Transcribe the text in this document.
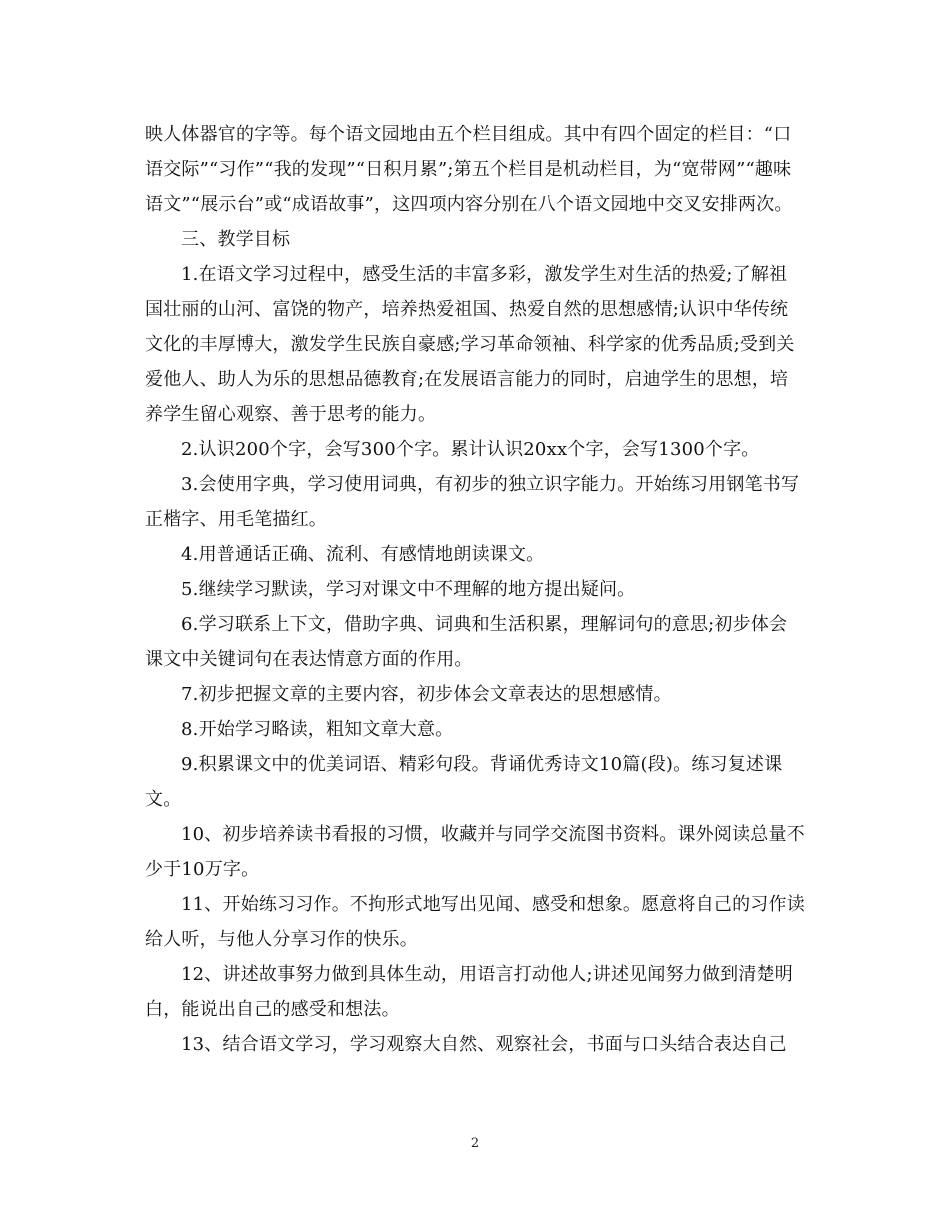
映人体器官的字等。每个语文园地由五个栏目组成。其中有四个固定的栏目：“口语交际”“习作”“我的发现”“日积月累”;第五个栏目是机动栏目，为“宽带网”“趣味语文”“展示台”或“成语故事”，这四项内容分别在八个语文园地中交叉安排两次。

三、教学目标

1.在语文学习过程中，感受生活的丰富多彩，激发学生对生活的热爱;了解祖国壮丽的山河、富饶的物产，培养热爱祖国、热爱自然的思想感情;认识中华传统文化的丰厚博大，激发学生民族自豪感;学习革命领袖、科学家的优秀品质;受到关爱他人、助人为乐的思想品德教育;在发展语言能力的同时，启迪学生的思想，培养学生留心观察、善于思考的能力。

2.认识200个字，会写300个字。累计认识20xx个字，会写1300个字。

3.会使用字典，学习使用词典，有初步的独立识字能力。开始练习用钢笔书写正楷字、用毛笔描红。

4.用普通话正确、流利、有感情地朗读课文。

5.继续学习默读，学习对课文中不理解的地方提出疑问。

6.学习联系上下文，借助字典、词典和生活积累，理解词句的意思;初步体会课文中关键词句在表达情意方面的作用。

7.初步把握文章的主要内容，初步体会文章表达的思想感情。

8.开始学习略读，粗知文章大意。

9.积累课文中的优美词语、精彩句段。背诵优秀诗文10篇(段)。练习复述课文。

10、初步培养读书看报的习惯，收藏并与同学交流图书资料。课外阅读总量不少于10万字。

11、开始练习习作。不拘形式地写出见闻、感受和想象。愿意将自己的习作读给人听，与他人分享习作的快乐。

12、讲述故事努力做到具体生动，用语言打动他人;讲述见闻努力做到清楚明白，能说出自己的感受和想法。

13、结合语文学习，学习观察大自然、观察社会，书面与口头结合表达自己

2
